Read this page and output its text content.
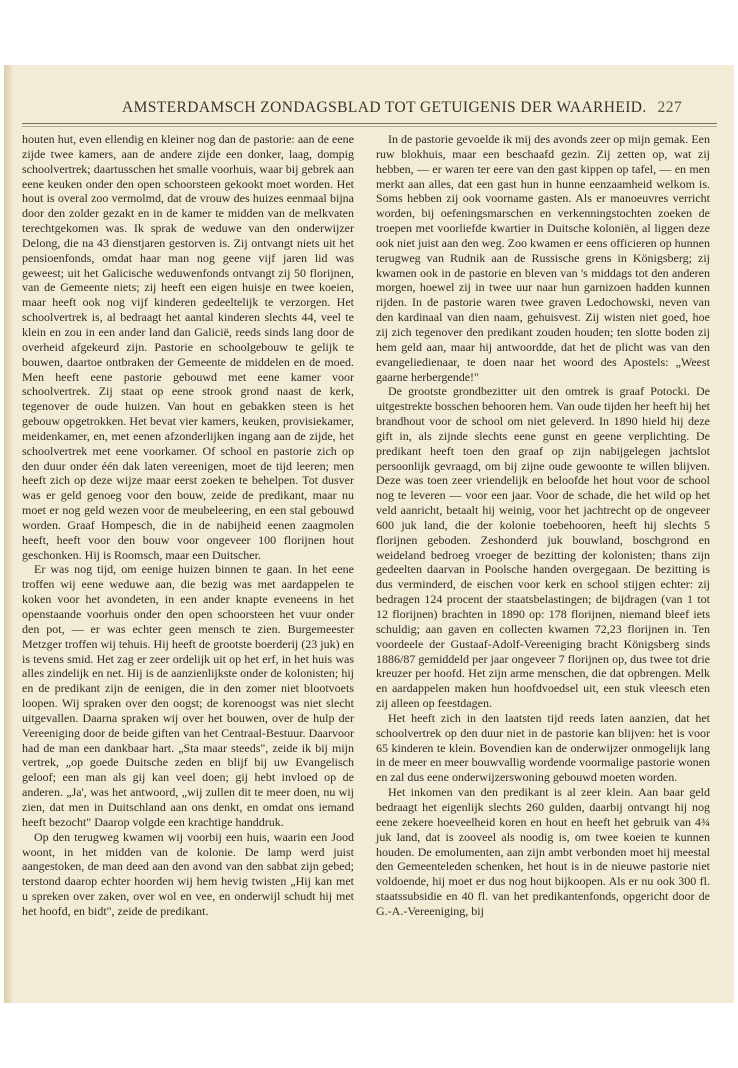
AMSTERDAMSCH ZONDAGSBLAD TOT GETUIGENIS DER WAARHEID. 227

houten hut, even ellendig en kleiner nog dan de pastorie: aan de eene zijde twee kamers, aan de andere zijde een donker, laag, dompig schoolvertrek; daartusschen het smalle voorhuis, waar bij gebrek aan eene keuken onder den open schoorsteen gekookt moet worden. Het hout is overal zoo vermolmd, dat de vrouw des huizes eenmaal bijna door den zolder gezakt en in de kamer te midden van de melkvaten terechtgekomen was. Ik sprak de weduwe van den onderwijzer Delong, die na 43 dienstjaren gestorven is. Zij ontvangt niets uit het pensioenfonds, omdat haar man nog geene vijf jaren lid was geweest; uit het Galicische weduwenfonds ontvangt zij 50 florijnen, van de Gemeente niets; zij heeft een eigen huisje en twee koeien, maar heeft ook nog vijf kinderen gedeeltelijk te verzorgen. Het schoolvertrek is, al bedraagt het aantal kinderen slechts 44, veel te klein en zou in een ander land dan Galicië, reeds sinds lang door de overheid afgekeurd zijn. Pastorie en schoolgebouw te gelijk te bouwen, daartoe ontbraken der Gemeente de middelen en de moed. Men heeft eene pastorie gebouwd met eene kamer voor schoolvertrek. Zij staat op eene strook grond naast de kerk, tegenover de oude huizen. Van hout en gebakken steen is het gebouw opgetrokken. Het bevat vier kamers, keuken, provisiekamer, meidenkamer, en, met eenen afzonderlijken ingang aan de zijde, het schoolvertrek met eene voorkamer. Of school en pastorie zich op den duur onder één dak laten vereenigen, moet de tijd leeren; men heeft zich op deze wijze maar eerst zoeken te behelpen. Tot dusver was er geld genoeg voor den bouw, zeide de predikant, maar nu moet er nog geld wezen voor de meubeleering, en een stal gebouwd worden. Graaf Hompesch, die in de nabijheid eenen zaagmolen heeft, heeft voor den bouw voor ongeveer 100 florijnen hout geschonken. Hij is Roomsch, maar een Duitscher.

Er was nog tijd, om eenige huizen binnen te gaan. In het eene troffen wij eene weduwe aan, die bezig was met aardappelen te koken voor het avondeten, in een ander knapte eveneens in het openstaande voorhuis onder den open schoorsteen het vuur onder den pot, — er was echter geen mensch te zien. Burgemeester Metzger troffen wij tehuis. Hij heeft de grootste boerderij (23 juk) en is tevens smid. Het zag er zeer ordelijk uit op het erf, in het huis was alles zindelijk en net. Hij is de aanzienlijkste onder de kolonisten; hij en de predikant zijn de eenigen, die in den zomer niet blootvoets loopen. Wij spraken over den oogst; de korenoogst was niet slecht uitgevallen. Daarna spraken wij over het bouwen, over de hulp der Vereeniging door de beide giften van het Centraal-Bestuur. Daarvoor had de man een dankbaar hart. „Sta maar steeds", zeide ik bij mijn vertrek, „op goede Duitsche zeden en blijf bij uw Evangelisch geloof; een man als gij kan veel doen; gij hebt invloed op de anderen. „Ja', was het antwoord, „wij zullen dit te meer doen, nu wij zien, dat men in Duitschland aan ons denkt, en omdat ons iemand heeft bezocht" Daarop volgde een krachtige handdruk.

Op den terugweg kwamen wij voorbij een huis, waarin een Jood woont, in het midden van de kolonie. De lamp werd juist aangestoken, de man deed aan den avond van den sabbat zijn gebed; terstond daarop echter hoorden wij hem hevig twisten „Hij kan met u spreken over zaken, over wol en vee, en onderwijl schudt hij met het hoofd, en bidt", zeide de predikant.

In de pastorie gevoelde ik mij des avonds zeer op mijn gemak. Een ruw blokhuis, maar een beschaafd gezin. Zij zetten op, wat zij hebben, — er waren ter eere van den gast kippen op tafel, — en men merkt aan alles, dat een gast hun in hunne eenzaamheid welkom is. Soms hebben zij ook voorname gasten. Als er manoeuvres verricht worden, bij oefeningsmarschen en verkenningstochten zoeken de troepen met voorliefde kwartier in Duitsche koloniën, al liggen deze ook niet juist aan den weg. Zoo kwamen er eens officieren op hunnen terugweg van Rudnik aan de Russische grens in Königsberg; zij kwamen ook in de pastorie en bleven van 's middags tot den anderen morgen, hoewel zij in twee uur naar hun garnizoen hadden kunnen rijden. In de pastorie waren twee graven Ledochowski, neven van den kardinaal van dien naam, gehuisvest. Zij wisten niet goed, hoe zij zich tegenover den predikant zouden houden; ten slotte boden zij hem geld aan, maar hij antwoordde, dat het de plicht was van den evangeliedienaar, te doen naar het woord des Apostels: „Weest gaarne herbergende!"

De grootste grondbezitter uit den omtrek is graaf Potocki. De uitgestrekte bosschen behooren hem. Van oude tijden her heeft hij het brandhout voor de school om niet geleverd. In 1890 hield hij deze gift in, als zijnde slechts eene gunst en geene verplichting. De predikant heeft toen den graaf op zijn nabijgelegen jachtslot persoonlijk gevraagd, om bij zijne oude gewoonte te willen blijven. Deze was toen zeer vriendelijk en beloofde het hout voor de school nog te leveren — voor een jaar. Voor de schade, die het wild op het veld aanricht, betaalt hij weinig, voor het jachtrecht op de ongeveer 600 juk land, die der kolonie toebehooren, heeft hij slechts 5 florijnen geboden. Zeshonderd juk bouwland, boschgrond en weideland bedroeg vroeger de bezitting der kolonisten; thans zijn gedeelten daarvan in Poolsche handen overgegaan. De bezitting is dus verminderd, de eischen voor kerk en school stijgen echter: zij bedragen 124 procent der staatsbelastingen; de bijdragen (van 1 tot 12 florijnen) brachten in 1890 op: 178 florijnen, niemand bleef iets schuldig; aan gaven en collecten kwamen 72,23 florijnen in. Ten voordeele der Gustaaf-Adolf-Vereeniging bracht Königsberg sinds 1886/87 gemiddeld per jaar ongeveer 7 florijnen op, dus twee tot drie kreuzer per hoofd. Het zijn arme menschen, die dat opbrengen. Melk en aardappelen maken hun hoofdvoedsel uit, een stuk vleesch eten zij alleen op feestdagen.

Het heeft zich in den laatsten tijd reeds laten aanzien, dat het schoolvertrek op den duur niet in de pastorie kan blijven: het is voor 65 kinderen te klein. Bovendien kan de onderwijzer onmogelijk lang in de meer en meer bouwvallig wordende voormalige pastorie wonen en zal dus eene onderwijzerswoning gebouwd moeten worden.

Het inkomen van den predikant is al zeer klein. Aan baar geld bedraagt het eigenlijk slechts 260 gulden, daarbij ontvangt hij nog eene zekere hoeveelheid koren en hout en heeft het gebruik van 4¾ juk land, dat is zooveel als noodig is, om twee koeien te kunnen houden. De emolumenten, aan zijn ambt verbonden moet hij meestal den Gemeenteleden schenken, het hout is in de nieuwe pastorie niet voldoende, hij moet er dus nog hout bijkoopen. Als er nu ook 300 fl. staatssubsidie en 40 fl. van het predikantenfonds, opgericht door de G.-A.-Vereeniging, bij
